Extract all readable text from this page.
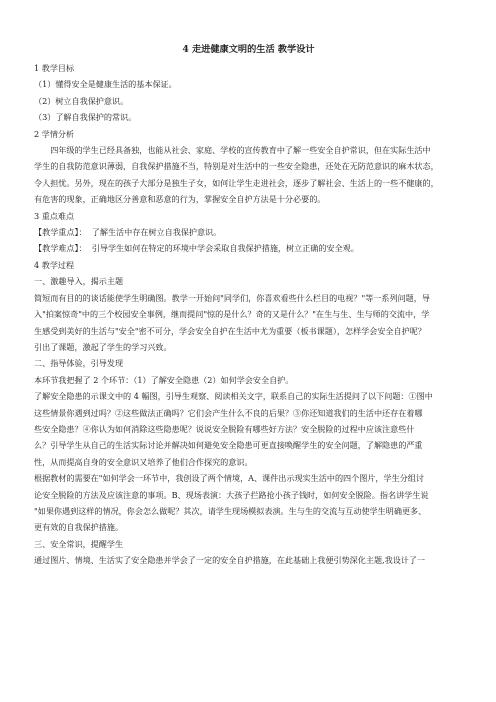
4 走进健康文明的生活 教学设计
1 教学目标
（1）懂得安全是健康生活的基本保证。
（2）树立自我保护意识。
（3）了解自我保护的常识。
2 学情分析
四年级的学生已经具备独，也能从社会、家庭、学校的宣传教育中了解一些安全自护常识，但在实际生活中
学生的自我防范意识薄弱，自我保护措施不当，特别是对生活中的一些安全隐患，还处在无防范意识的麻木状态，
令人担忧。另外，现在的孩子大部分是独生子女，如何让学生走进社会，逐步了解社会、生活上的一些不健康的，
有危害的现象，正确地区分善意和恶意的行为，掌握安全自护方法是十分必要的。
3 重点难点
【教学重点】： 了解生活中存在树立自我保护意识。
【教学难点】： 引导学生如何在特定的环境中学会采取自我保护措施，树立正确的安全观。
4 教学过程
一、激趣导入，揭示主题
简短而有目的的谈话能使学生明确图。教学一开始问"同学们，你喜欢看些什么栏目的电视？"等一系列问题，导
入"拍案惊奇"中的三个校园安全事例，继而提问"惊的是什么？奇的又是什么？"在生与生、生与师的交流中，学
生感受到美好的生活与"安全"密不可分，学会安全自护在生活中尤为重要（板书课题），怎样学会安全自护呢？
引出了课题，激起了学生的学习兴致。
二、指导体验，引导发现
本环节我把握了 2 个环节：（1）了解安全隐患（2）如何学会安全自护。
了解安全隐患的示课文中的 4 幅图，引导生观察、阅读相关文字，联系自己的实际生活提问了以下问题：①图中
这些情景你遇到过吗？②这些做法正确吗？它们会产生什么不良的后果？③你还知道我们的生活中还存在着哪
些安全隐患？④你认为如何消除这些隐患呢？说说安全脱险有哪些好方法？安全脱险的过程中应该注意些什
么？引导学生从自己的生活实际讨论并解决如何避免安全隐患可更直接唤醒学生的安全问题，了解隐患的严重
性，从而提高自身的安全意识又培养了他们合作探究的意识。
根据教材的需要在"如何学会一环节中，我创设了两个情境，A、课件出示现实生活中的四个图片，学生分组讨
论安全脱险的方法及应该注意的事项。B、现场表演：大孩子拦路抢小孩子钱时，如何安全脱险。指名讲学生说
"如果你遇到这样的情况，你会怎么做呢？其次，请学生现场模拟表演。生与生的交流与互动使学生明确更多、
更有效的自我保护措施。
三、安全常识，提醒学生
通过图片、情境、生活实了安全隐患并学会了一定的安全自护措施，在此基础上我便引势深化主题,我设计了一
